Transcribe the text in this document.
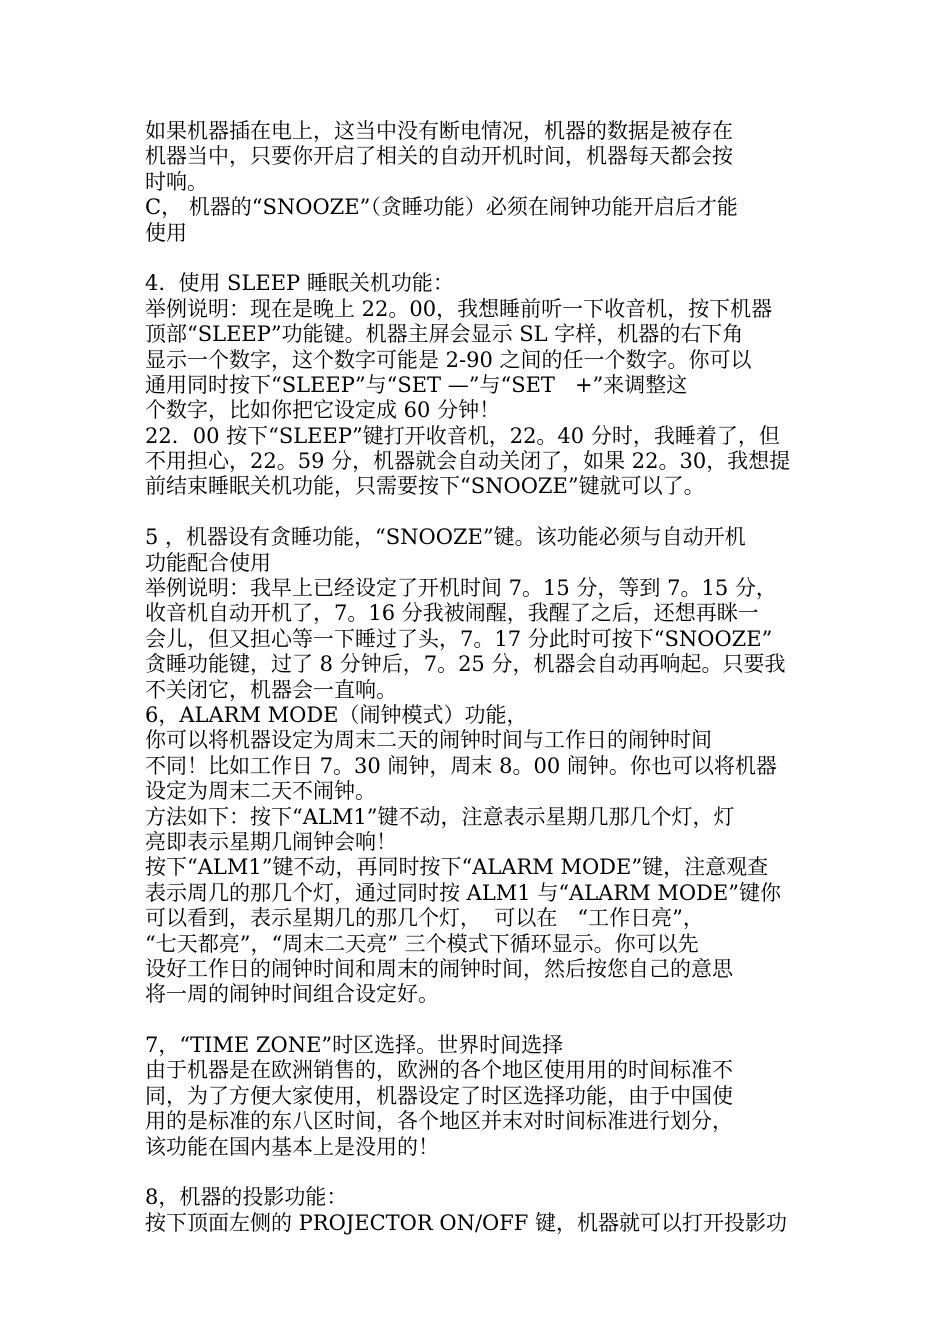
如果机器插在电上，这当中没有断电情况，机器的数据是被存在
机器当中，只要你开启了相关的自动开机时间，机器每天都会按
时响。
C， 机器的“SNOOZE”（贪睡功能）必须在闹钟功能开启后才能
使用
4.  使用 SLEEP 睡眠关机功能：
举例说明：现在是晚上 22。00，我想睡前听一下收音机，按下机器
顶部“SLEEP”功能键。机器主屏会显示 SL 字样，机器的右下角
显示一个数字，这个数字可能是 2-90 之间的任一个数字。你可以
通用同时按下“SLEEP”与“SET —”与“SET   +”来调整这
个数字，比如你把它设定成 60 分钟！
22．00 按下“SLEEP”键打开收音机，22。40 分时，我睡着了，但
不用担心，22。59 分，机器就会自动关闭了，如果 22。30，我想提
前结束睡眠关机功能，只需要按下“SNOOZE”键就可以了。
5 ，机器设有贪睡功能，“SNOOZE”键。该功能必须与自动开机
功能配合使用
举例说明：我早上已经设定了开机时间 7。15 分，等到 7。15 分，
收音机自动开机了，7。16 分我被闹醒，我醒了之后，还想再眯一
会儿，但又担心等一下睡过了头，7。17 分此时可按下“SNOOZE”
贪睡功能键，过了 8 分钟后，7。25 分，机器会自动再响起。只要我
不关闭它，机器会一直响。
6，ALARM MODE（闹钟模式）功能，
你可以将机器设定为周末二天的闹钟时间与工作日的闹钟时间
不同！比如工作日 7。30 闹钟，周末 8。00 闹钟。你也可以将机器
设定为周末二天不闹钟。
方法如下：按下“ALM1”键不动，注意表示星期几那几个灯，灯
亮即表示星期几闹钟会响！
按下“ALM1”键不动，再同时按下“ALARM MODE”键，注意观查
表示周几的那几个灯，通过同时按 ALM1 与“ALARM MODE”键你
可以看到，表示星期几的那几个灯，  可以在   “工作日亮”，
“七天都亮”，“周末二天亮” 三个模式下循环显示。你可以先
设好工作日的闹钟时间和周末的闹钟时间，然后按您自己的意思
将一周的闹钟时间组合设定好。
7，“TIME ZONE”时区选择。世界时间选择
由于机器是在欧洲销售的，欧洲的各个地区使用用的时间标准不
同，为了方便大家使用，机器设定了时区选择功能，由于中国使
用的是标准的东八区时间，各个地区并末对时间标准进行划分，
该功能在国内基本上是没用的！
8，机器的投影功能：
按下顶面左侧的 PROJECTOR ON/OFF 键，机器就可以打开投影功
